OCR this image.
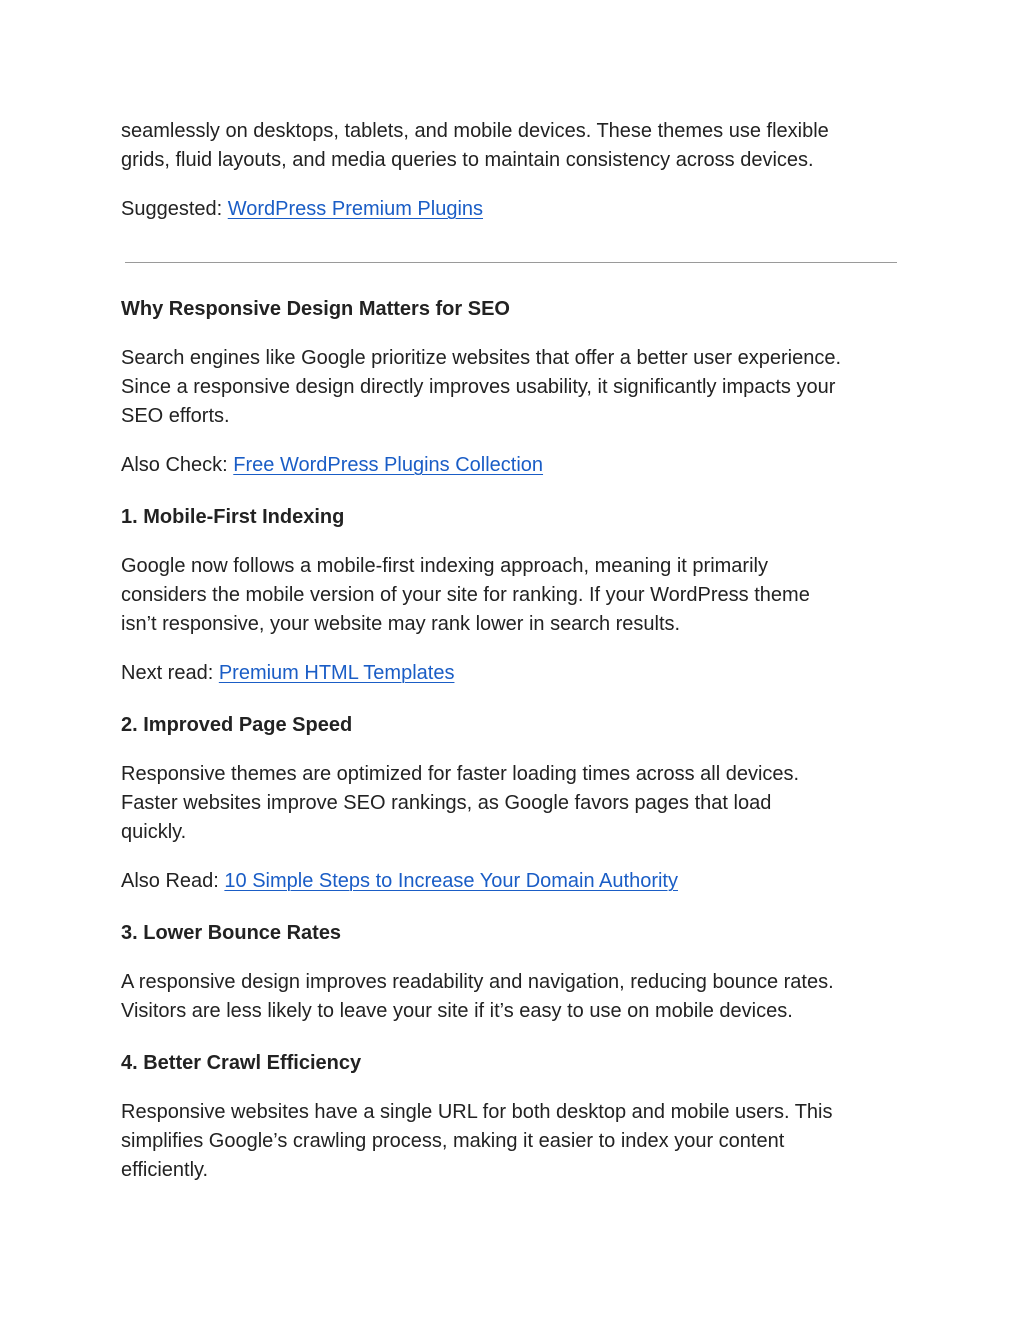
seamlessly on desktops, tablets, and mobile devices. These themes use flexible
grids, fluid layouts, and media queries to maintain consistency across devices.

Suggested: WordPress Premium Plugins

Why Responsive Design Matters for SEO

Search engines like Google prioritize websites that offer a better user experience.
Since a responsive design directly improves usability, it significantly impacts your
SEO efforts.

Also Check: Free WordPress Plugins Collection

1. Mobile-First Indexing

Google now follows a mobile-first indexing approach, meaning it primarily
considers the mobile version of your site for ranking. If your WordPress theme
isn’t responsive, your website may rank lower in search results.

Next read: Premium HTML Templates

2. Improved Page Speed

Responsive themes are optimized for faster loading times across all devices.
Faster websites improve SEO rankings, as Google favors pages that load
quickly.

Also Read: 10 Simple Steps to Increase Your Domain Authority

3. Lower Bounce Rates

A responsive design improves readability and navigation, reducing bounce rates.
Visitors are less likely to leave your site if it’s easy to use on mobile devices.

4. Better Crawl Efficiency

Responsive websites have a single URL for both desktop and mobile users. This
simplifies Google’s crawling process, making it easier to index your content
efficiently.
